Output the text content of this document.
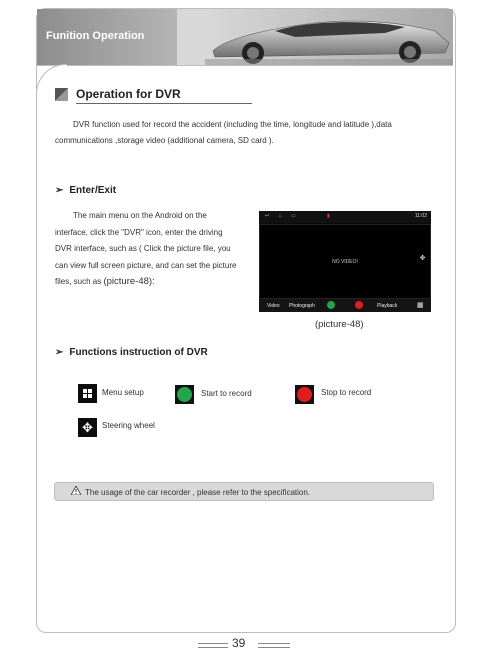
Funition Operation
Operation for DVR
DVR function used for record the accident (including the time, longitude and latitude ),data communications ,storage video (additional camera, SD card ).
➢ Enter/Exit
The main menu on the Android on the interface, click the "DVR" icon, enter the driving DVR interface, such as ( Click the picture file, you can view full screen picture, and can set the picture files, such as (picture-48):
↩ ⌂ ▭	▮	11:02
NO VIDEO!	✥
Video Photograph	Playback	▦
(picture-48)
➢ Functions instruction of DVR
Menu setup	Start to record	Stop to record
✥	Steering wheel
The usage of the car recorder , please refer to the specification.
39
